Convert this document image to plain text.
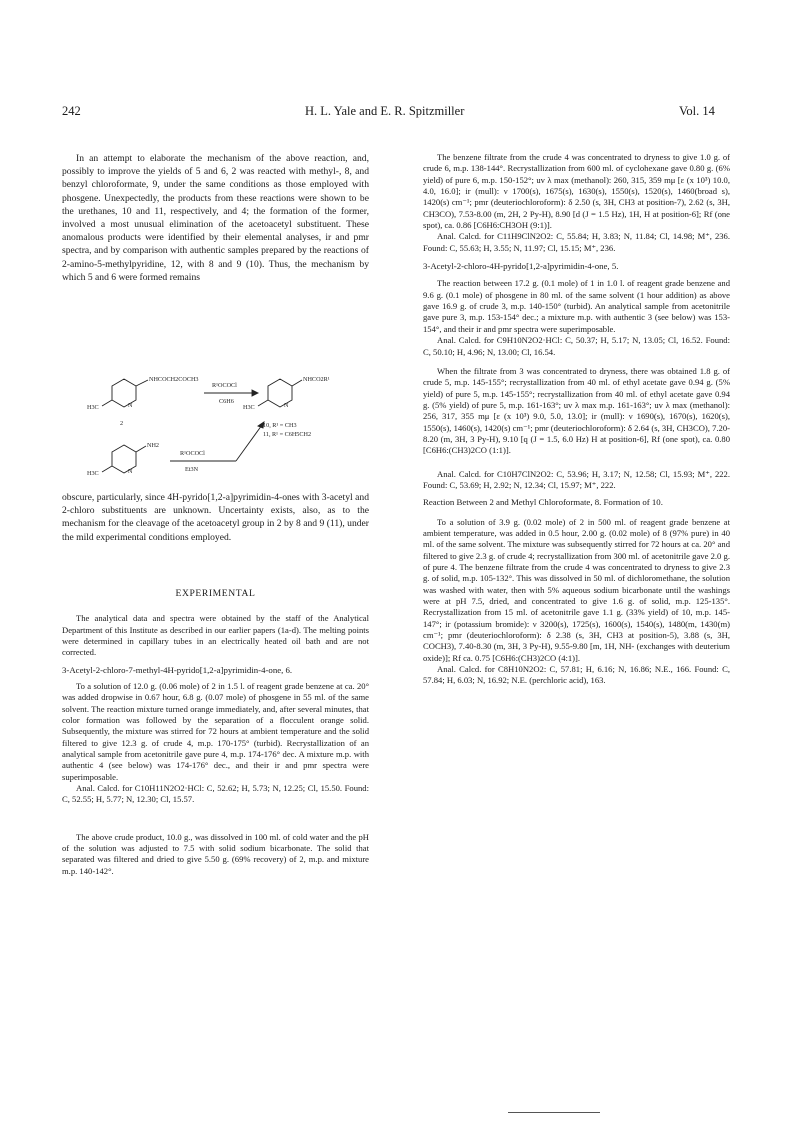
242	H. L. Yale and E. R. Spitzmiller	Vol. 14

In an attempt to elaborate the mechanism of the above reaction, and, possibly to improve the yields of 5 and 6, 2 was reacted with methyl-, 8, and benzyl chloroformate, 9, under the same conditions as those employed with phosgene. Unexpectedly, the products from these reactions were shown to be the urethanes, 10 and 11, respectively, and 4; the formation of the former, involved a most unusual elimination of the acetoacetyl substituent. These anomalous products were identified by their elemental analyses, ir and pmr spectra, and by comparison with authentic samples prepared by the reactions of 2-amino-5-methylpyridine, 12, with 8 and 9 (10). Thus, the mechanism by which 5 and 6 were formed remains

NHCOCH2COCH3
H3C	N
2
R¹OCOCl
C6H6
NHCO2R¹
H3C	N
10, R¹ = CH3
11, R¹ = C6H5CH2
NH2
H3C	N
R¹OCOCl
Et3N

obscure, particularly, since 4H-pyrido[1,2-a]pyrimidin-4-ones with 3-acetyl and 2-chloro substituents are unknown. Uncertainty exists, also, as to the mechanism for the cleavage of the acetoacetyl group in 2 by 8 and 9 (11), under the mild experimental conditions employed.

EXPERIMENTAL

The analytical data and spectra were obtained by the staff of the Analytical Department of this Institute as described in our earlier papers (1a-d). The melting points were determined in capillary tubes in an electrically heated oil bath and are not corrected.

3-Acetyl-2-chloro-7-methyl-4H-pyrido[1,2-a]pyrimidin-4-one, 6.

To a solution of 12.0 g. (0.06 mole) of 2 in 1.5 l. of reagent grade benzene at ca. 20° was added dropwise in 0.67 hour, 6.8 g. (0.07 mole) of phosgene in 55 ml. of the same solvent. The reaction mixture turned orange immediately, and, after several minutes, that color formation was followed by the separation of a flocculent orange solid. Subsequently, the mixture was stirred for 72 hours at ambient temperature and the solid filtered to give 12.3 g. of crude 4, m.p. 170-175° (turbid). Recrystallization of an analytical sample from acetonitrile gave pure 4, m.p. 174-176° dec. A mixture m.p. with authentic 4 (see below) was 174-176° dec., and their ir and pmr spectra were superimposable.

Anal. Calcd. for C10H11N2O2·HCl: C, 52.62; H, 5.73; N, 12.25; Cl, 15.50. Found: C, 52.55; H, 5.77; N, 12.30; Cl, 15.57.

The above crude product, 10.0 g., was dissolved in 100 ml. of cold water and the pH of the solution was adjusted to 7.5 with solid sodium bicarbonate. The solid that separated was filtered and dried to give 5.50 g. (69% recovery) of 2, m.p. and mixture m.p. 140-142°.

The benzene filtrate from the crude 4 was concentrated to dryness to give 1.0 g. of crude 6, m.p. 138-144°. Recrystallization from 600 ml. of cyclohexane gave 0.80 g. (6% yield) of pure 6, m.p. 150-152°; uv λ max (methanol): 260, 315, 359 mμ [ε (x 10³) 10.0, 4.0, 16.0]; ir (mull): ν 1700(s), 1675(s), 1630(s), 1550(s), 1520(s), 1460(broad s), 1420(s) cm⁻¹; pmr (deuteriochloroform): δ 2.50 (s, 3H, CH3 at position-7), 2.62 (s, 3H, CH3CO), 7.53-8.00 (m, 2H, 2 Py-H), 8.90 [d (J = 1.5 Hz), 1H, H at position-6]; Rf (one spot), ca. 0.86 [C6H6:CH3OH (9:1)].

Anal. Calcd. for C11H9ClN2O2: C, 55.84; H, 3.83; N, 11.84; Cl, 14.98; M⁺, 236. Found: C, 55.63; H, 3.55; N, 11.97; Cl, 15.15; M⁺, 236.

3-Acetyl-2-chloro-4H-pyrido[1,2-a]pyrimidin-4-one, 5.

The reaction between 17.2 g. (0.1 mole) of 1 in 1.0 l. of reagent grade benzene and 9.6 g. (0.1 mole) of phosgene in 80 ml. of the same solvent (1 hour addition) as above gave 16.9 g. of crude 3, m.p. 140-150° (turbid). An analytical sample from acetonitrile gave pure 3, m.p. 153-154° dec.; a mixture m.p. with authentic 3 (see below) was 153-154°, and their ir and pmr spectra were superimposable.

Anal. Calcd. for C9H10N2O2·HCl: C, 50.37; H, 5.17; N, 13.05; Cl, 16.52. Found: C, 50.10; H, 4.96; N, 13.00; Cl, 16.54.

When the filtrate from 3 was concentrated to dryness, there was obtained 1.8 g. of crude 5, m.p. 145-155°; recrystallization from 40 ml. of ethyl acetate gave 0.94 g. (5% yield) of pure 5, m.p. 145-155°; recrystallization from 40 ml. of ethyl acetate gave 0.94 g. (5% yield) of pure 5, m.p. 161-163°; uv λ max m.p. 161-163°; uv λ max (methanol): 256, 317, 355 mμ [ε (x 10³) 9.0, 5.0, 13.0]; ir (mull): ν 1690(s), 1670(s), 1620(s), 1550(s), 1460(s), 1420(s) cm⁻¹; pmr (deuteriochloroform): δ 2.64 (s, 3H, CH3CO), 7.20-8.20 (m, 3H, 3 Py-H), 9.10 [q (J = 1.5, 6.0 Hz) H at position-6], Rf (one spot), ca. 0.80 [C6H6:(CH3)2CO (1:1)].

Anal. Calcd. for C10H7ClN2O2: C, 53.96; H, 3.17; N, 12.58; Cl, 15.93; M⁺, 222. Found: C, 53.69; H, 2.92; N, 12.34; Cl, 15.97; M⁺, 222.

Reaction Between 2 and Methyl Chloroformate, 8. Formation of 10.

To a solution of 3.9 g. (0.02 mole) of 2 in 500 ml. of reagent grade benzene at ambient temperature, was added in 0.5 hour, 2.00 g. (0.02 mole) of 8 (97% pure) in 40 ml. of the same solvent. The mixture was subsequently stirred for 72 hours at ca. 20° and filtered to give 2.3 g. of crude 4; recrystallization from 300 ml. of acetonitrile gave 2.0 g. of pure 4. The benzene filtrate from the crude 4 was concentrated to dryness to give 2.3 g. of solid, m.p. 105-132°. This was dissolved in 50 ml. of dichloromethane, the solution was washed with water, then with 5% aqueous sodium bicarbonate until the washings were at pH 7.5, dried, and concentrated to give 1.6 g. of solid, m.p. 125-135°. Recrystallization from 15 ml. of acetonitrile gave 1.1 g. (33% yield) of 10, m.p. 145-147°; ir (potassium bromide): ν 3200(s), 1725(s), 1600(s), 1540(s), 1480(m, 1430(m) cm⁻¹; pmr (deuteriochloroform): δ 2.38 (s, 3H, CH3 at position-5), 3.88 (s, 3H, COCH3), 7.40-8.30 (m, 3H, 3 Py-H), 9.55-9.80 [m, 1H, NH- (exchanges with deuterium oxide)]; Rf ca. 0.75 [C6H6:(CH3)2CO (4:1)].

Anal. Calcd. for C8H10N2O2: C, 57.81; H, 6.16; N, 16.86; N.E., 166. Found: C, 57.84; H, 6.03; N, 16.92; N.E. (perchloric acid), 163.
